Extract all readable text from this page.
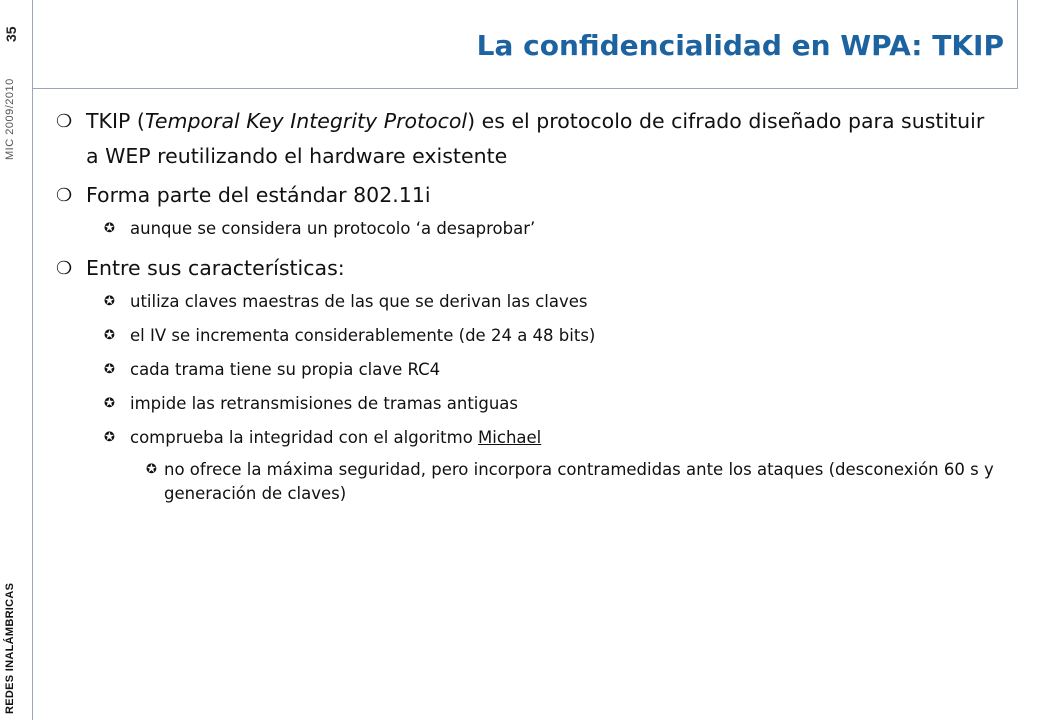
35
MIC 2009/2010
REDES INALÁMBRICAS
La confidencialidad en WPA: TKIP
❍ TKIP (Temporal Key Integrity Protocol) es el protocolo de cifrado diseñado para sustituir a WEP reutilizando el hardware existente
❍ Forma parte del estándar 802.11i
✪ aunque se considera un protocolo ‘a desaprobar’
❍ Entre sus características:
✪ utiliza claves maestras de las que se derivan las claves
✪ el IV se incrementa considerablemente (de 24 a 48 bits)
✪ cada trama tiene su propia clave RC4
✪ impide las retransmisiones de tramas antiguas
✪ comprueba la integridad con el algoritmo Michael
✪ no ofrece la máxima seguridad, pero incorpora contramedidas ante los ataques (desconexión 60 s y generación de claves)
